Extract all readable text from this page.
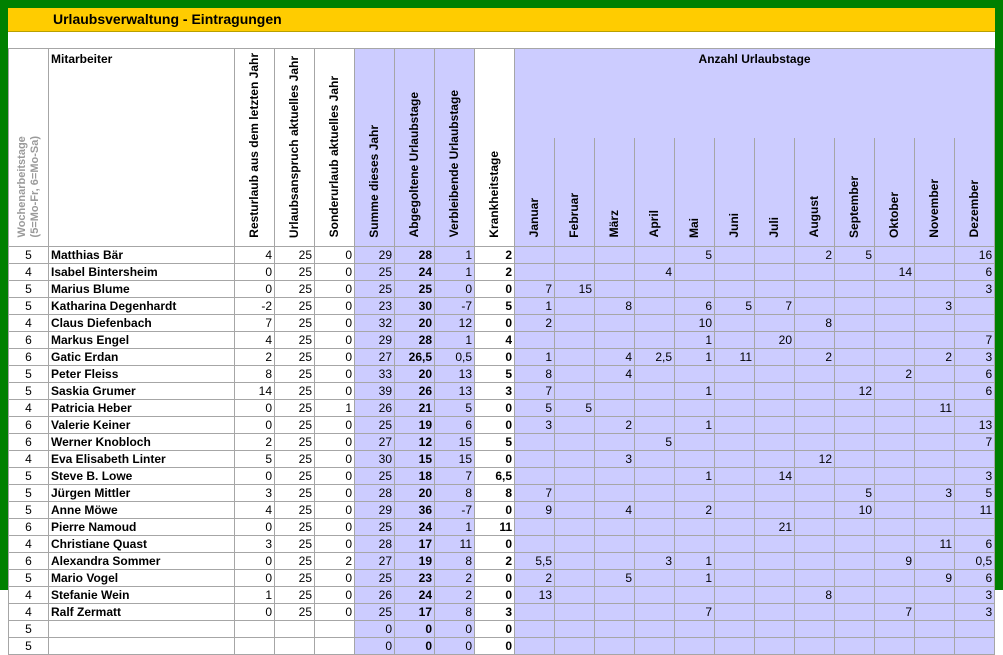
Urlaubsverwaltung - Eintragungen
Wochenarbeitstage
(5=Mo-Fr, 6=Mo-Sa)	
Mitarbeiter	Resturlaub aus dem letzten Jahr	Urlaubsanspruch aktuelles Jahr	Sonderurlaub aktuelles Jahr	Summe dieses Jahr	Abgegoltene Urlaubstage	Verbleibende Urlaubstage	Krankheitstage	
Anzahl Urlaubstage
Januar	Februar	März	April	Mai	Juni	Juli	August	September	Oktober	November	Dezember

5	Matthias Bär	4	25	0	29	28	1	2					5			2	5			16
4	Isabel Bintersheim	0	25	0	25	24	1	2				4						14		6
5	Marius Blume	0	25	0	25	25	0	0	7	15										3
5	Katharina Degenhardt	-2	25	0	23	30	-7	5	1		8		6	5	7				3	
4	Claus Diefenbach	7	25	0	32	20	12	0	2				10			8				
6	Markus Engel	4	25	0	29	28	1	4					1		20					7
6	Gatic Erdan	2	25	0	27	26,5	0,5	0	1		4	2,5	1	11		2			2	3
5	Peter Fleiss	8	25	0	33	20	13	5	8		4							2		6
5	Saskia Grumer	14	25	0	39	26	13	3	7				1				12			6
4	Patricia Heber	0	25	1	26	21	5	0	5	5									11	
6	Valerie Keiner	0	25	0	25	19	6	0	3		2		1							13
6	Werner Knobloch	2	25	0	27	12	15	5				5								7
4	Eva Elisabeth Linter	5	25	0	30	15	15	0			3					12				
5	Steve B. Lowe	0	25	0	25	18	7	6,5					1		14					3
5	Jürgen Mittler	3	25	0	28	20	8	8	7								5		3	5
5	Anne Möwe	4	25	0	29	36	-7	0	9		4		2				10			11
6	Pierre Namoud	0	25	0	25	24	1	11							21					
4	Christiane Quast	3	25	0	28	17	11	0											11	6
6	Alexandra Sommer	0	25	2	27	19	8	2	5,5			3	1					9		0,5
5	Mario Vogel	0	25	0	25	23	2	0	2		5		1						9	6
4	Stefanie Wein	1	25	0	26	24	2	0	13							8				3
4	Ralf Zermatt	0	25	0	25	17	8	3					7					7		3
5					0	0	0	0												
5					0	0	0	0												
